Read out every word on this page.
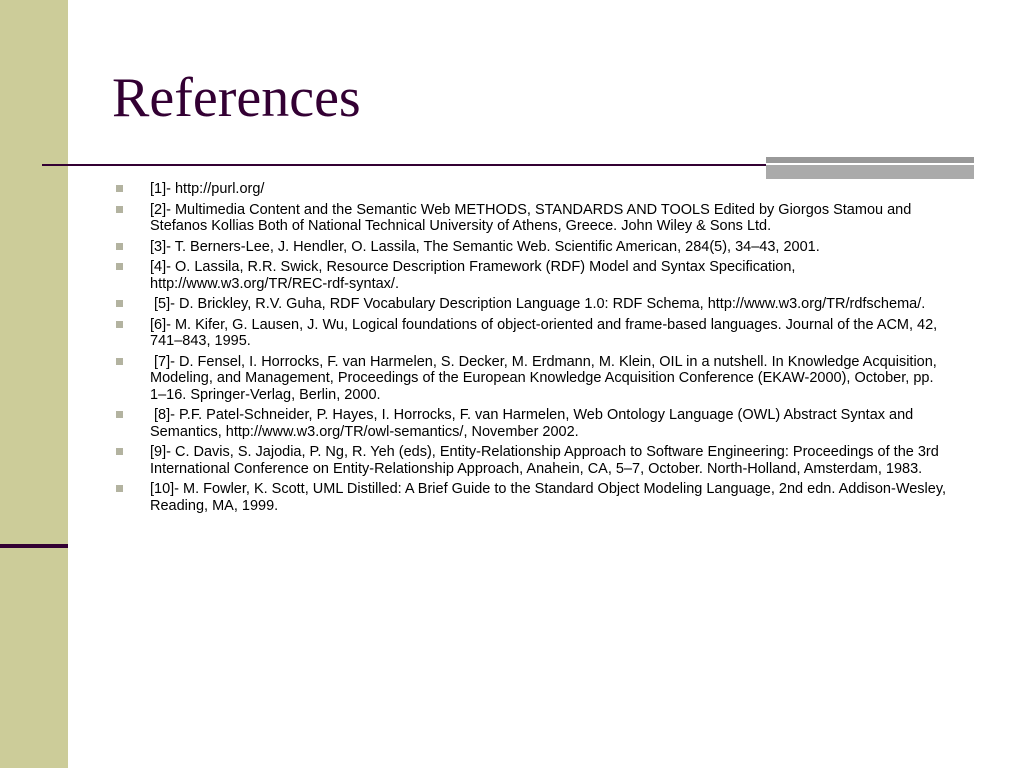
References
[1]- http://purl.org/
[2]- Multimedia Content and the Semantic Web METHODS, STANDARDS AND TOOLS Edited by Giorgos Stamou and Stefanos Kollias Both of National Technical University of Athens, Greece. John Wiley & Sons Ltd.
[3]- T. Berners-Lee, J. Hendler, O. Lassila, The Semantic Web. Scientific American, 284(5), 34–43, 2001.
[4]- O. Lassila, R.R. Swick, Resource Description Framework (RDF) Model and Syntax Specification, http://www.w3.org/TR/REC-rdf-syntax/.
[5]- D. Brickley, R.V. Guha, RDF Vocabulary Description Language 1.0: RDF Schema, http://www.w3.org/TR/rdfschema/.
[6]- M. Kifer, G. Lausen, J. Wu, Logical foundations of object-oriented and frame-based languages. Journal of the ACM, 42, 741–843, 1995.
[7]- D. Fensel, I. Horrocks, F. van Harmelen, S. Decker, M. Erdmann, M. Klein, OIL in a nutshell. In Knowledge Acquisition, Modeling, and Management, Proceedings of the European Knowledge Acquisition Conference (EKAW-2000), October, pp. 1–16. Springer-Verlag, Berlin, 2000.
[8]- P.F. Patel-Schneider, P. Hayes, I. Horrocks, F. van Harmelen, Web Ontology Language (OWL) Abstract Syntax and Semantics, http://www.w3.org/TR/owl-semantics/, November 2002.
[9]- C. Davis, S. Jajodia, P. Ng, R. Yeh (eds), Entity-Relationship Approach to Software Engineering: Proceedings of the 3rd International Conference on Entity-Relationship Approach, Anahein, CA, 5–7, October. North-Holland, Amsterdam, 1983.
[10]- M. Fowler, K. Scott, UML Distilled: A Brief Guide to the Standard Object Modeling Language, 2nd edn. Addison-Wesley, Reading, MA, 1999.
